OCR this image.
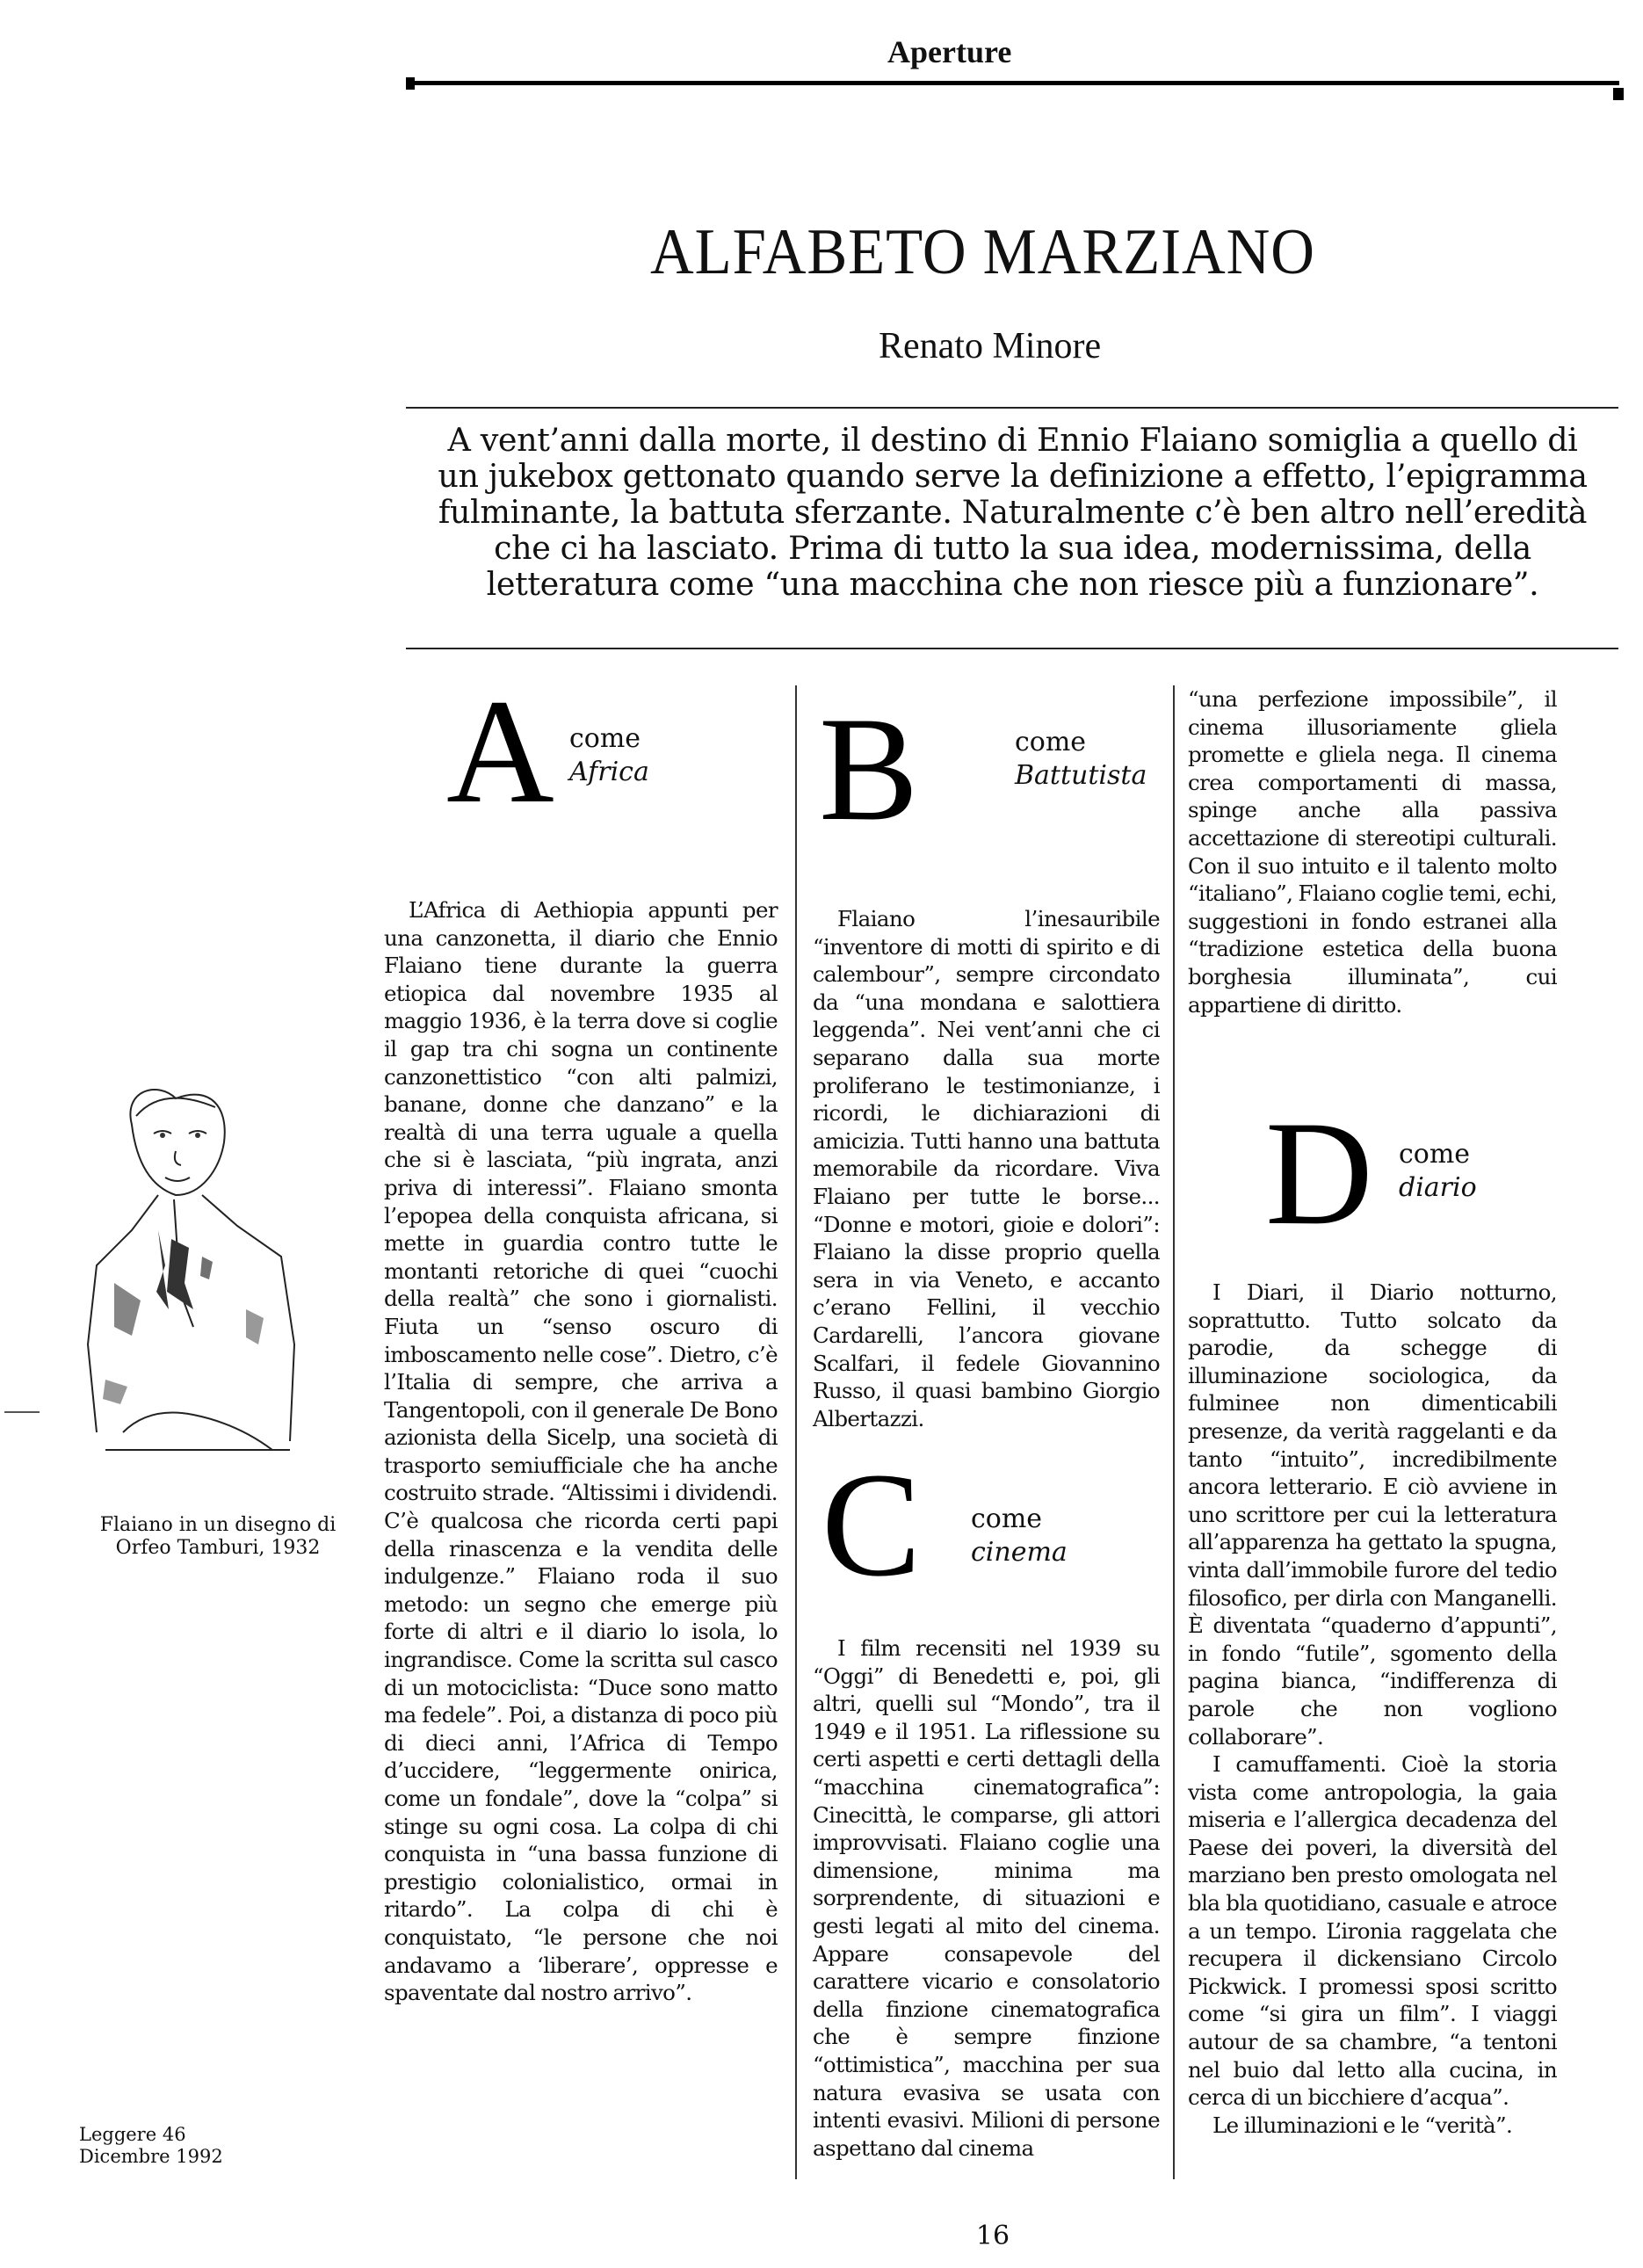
Aperture
ALFABETO MARZIANO
Renato Minore

A vent’anni dalla morte, il destino di Ennio Flaiano somiglia a quello di

un jukebox gettonato quando serve la definizione a effetto, l’epigramma

fulminante, la battuta sferzante. Naturalmente c’è ben altro nell’eredità

che ci ha lasciato. Prima di tutto la sua idea, modernissima, della

letteratura come “una macchina che non riesce più a funzionare”.

Flaiano in un disegno di
Orfeo Tamburi, 1932
A come
Africa

L’Africa di Aethiopia appunti per una canzonetta, il diario che Ennio Flaiano tiene durante la guerra etiopica dal novembre 1935 al maggio 1936, è la terra dove si coglie il gap tra chi sogna un continente canzonettistico “con alti palmizi, banane, donne che danzano” e la realtà di una terra uguale a quella che si è lasciata, “più ingrata, anzi priva di interessi”. Flaiano smonta l’epopea della conquista africana, si mette in guardia contro tutte le montanti retoriche di quei “cuochi della realtà” che sono i giornalisti. Fiuta un “senso oscuro di imboscamento nelle cose”. Dietro, c’è l’Italia di sempre, che arriva a Tangentopoli, con il generale De Bono azionista della Sicelp, una società di trasporto semiufficiale che ha anche costruito strade. “Altissimi i dividendi. C’è qualcosa che ricorda certi papi della rinascenza e la vendita delle indulgenze.” Flaiano roda il suo metodo: un segno che emerge più forte di altri e il diario lo isola, lo ingrandisce. Come la scritta sul casco di un motociclista: “Duce sono matto ma fedele”. Poi, a distanza di poco più di dieci anni, l’Africa di Tempo d’uccidere, “leggermente onirica, come un fondale”, dove la “colpa” si stinge su ogni cosa. La colpa di chi conquista in “una bassa funzione di prestigio colonialistico, ormai in ritardo”. La colpa di chi è conquistato, “le persone che noi andavamo a ‘liberare’, oppresse e spaventate dal nostro arrivo”.

B	come
Battutista

Flaiano l’inesauribile “inventore di motti di spirito e di calembour”, sempre circondato da “una mondana e salottiera leggenda”. Nei vent’anni che ci separano dalla sua morte proliferano le testimonianze, i ricordi, le dichiarazioni di amicizia. Tutti hanno una battuta memorabile da ricordare. Viva Flaiano per tutte le borse... “Donne e motori, gioie e dolori”: Flaiano la disse proprio quella sera in via Veneto, e accanto c’erano Fellini, il vecchio Cardarelli, l’ancora giovane Scalfari, il fedele Giovannino Russo, il quasi bambino Giorgio Albertazzi.

C come
cinema

I film recensiti nel 1939 su “Oggi” di Benedetti e, poi, gli altri, quelli sul “Mondo”, tra il 1949 e il 1951. La riflessione su certi aspetti e certi dettagli della “macchina cinematografica”: Cinecittà, le comparse, gli attori improvvisati. Flaiano coglie una dimensione, minima ma sorprendente, di situazioni e gesti legati al mito del cinema. Appare consapevole del carattere vicario e consolatorio della finzione cinematografica che è sempre finzione “ottimistica”, macchina per sua natura evasiva se usata con intenti evasivi. Milioni di persone aspettano dal cinema

“una perfezione impossibile”, il cinema illusoriamente gliela promette e gliela nega. Il cinema crea comportamenti di massa, spinge anche alla passiva accettazione di stereotipi culturali. Con il suo intuito e il talento molto “italiano”, Flaiano coglie temi, echi, suggestioni in fondo estranei alla “tradizione estetica della buona borghesia illuminata”, cui appartiene di diritto.

D come
diario

I Diari, il Diario notturno, soprattutto. Tutto solcato da parodie, da schegge di illuminazione sociologica, da fulminee non dimenticabili presenze, da verità raggelanti e da tanto “intuito”, incredibilmente ancora letterario. E ciò avviene in uno scrittore per cui la letteratura all’apparenza ha gettato la spugna, vinta dall’immobile furore del tedio filosofico, per dirla con Manganelli. È diventata “quaderno d’appunti”, in fondo “futile”, sgomento della pagina bianca, “indifferenza di parole che non vogliono collaborare”.

I camuffamenti. Cioè la storia vista come antropologia, la gaia miseria e l’allergica decadenza del Paese dei poveri, la diversità del marziano ben presto omologata nel bla bla quotidiano, casuale e atroce a un tempo. L’ironia raggelata che recupera il dickensiano Circolo Pickwick. I promessi sposi scritto come “si gira un film”. I viaggi autour de sa chambre, “a tentoni nel buio dal letto alla cucina, in cerca di un bicchiere d’acqua”.

Le illuminazioni e le “verità”.

Leggere 46
Dicembre 1992
16
